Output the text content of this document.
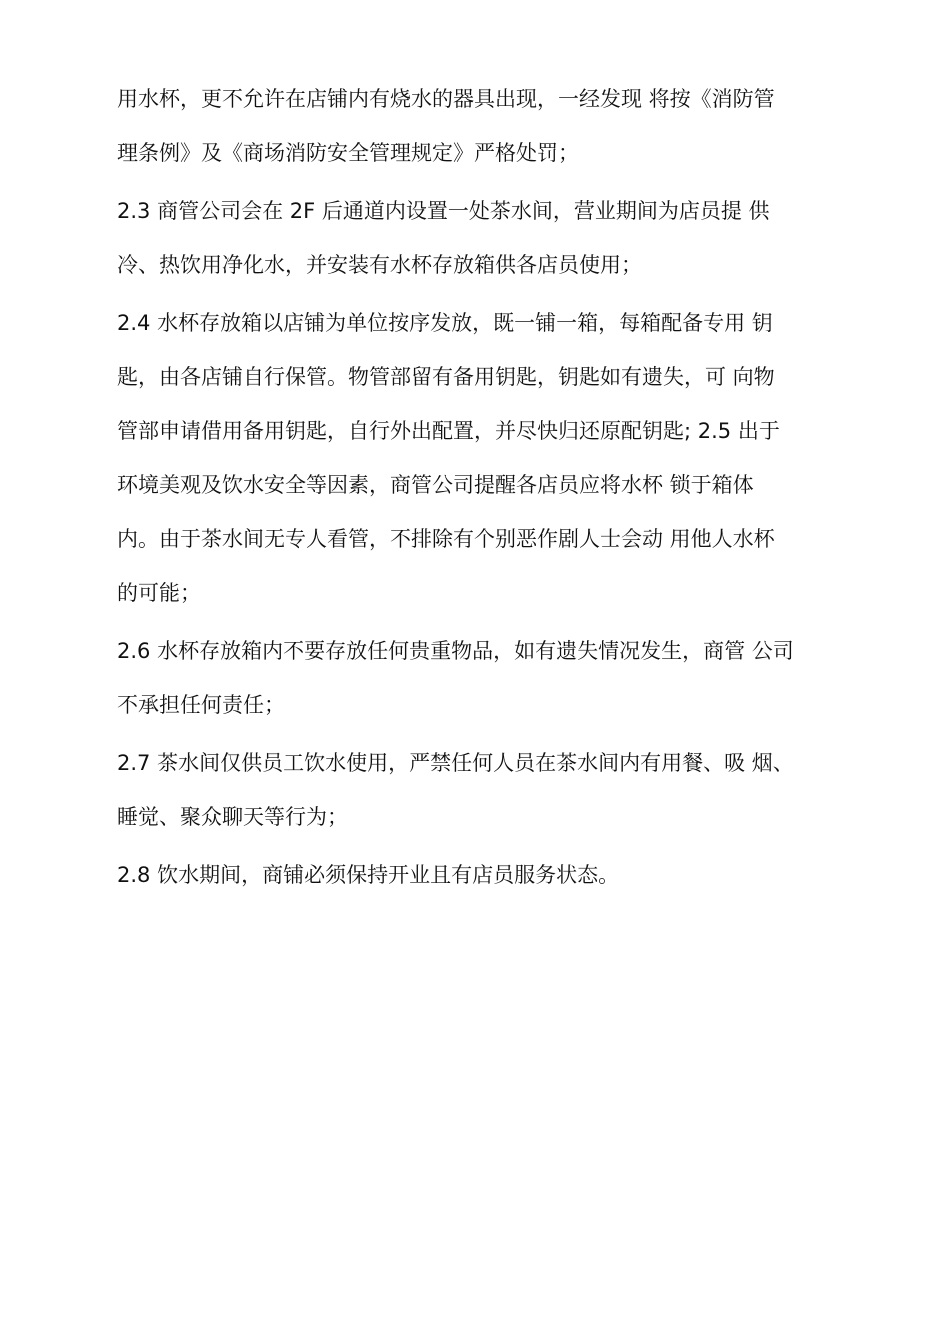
用水杯，更不允许在店铺内有烧水的器具出现，一经发现 将按《消防管
理条例》及《商场消防安全管理规定》严格处罚；
2.3 商管公司会在 2F 后通道内设置一处茶水间，营业期间为店员提 供
冷、热饮用净化水，并安装有水杯存放箱供各店员使用；
2.4 水杯存放箱以店铺为单位按序发放，既一铺一箱，每箱配备专用 钥
匙，由各店铺自行保管。物管部留有备用钥匙，钥匙如有遗失，可 向物
管部申请借用备用钥匙，自行外出配置，并尽快归还原配钥匙; 2.5 出于
环境美观及饮水安全等因素，商管公司提醒各店员应将水杯 锁于箱体
内。由于茶水间无专人看管，不排除有个别恶作剧人士会动 用他人水杯
的可能；
2.6 水杯存放箱内不要存放任何贵重物品，如有遗失情况发生，商管 公司
不承担任何责任；
2.7 茶水间仅供员工饮水使用，严禁任何人员在茶水间内有用餐、吸 烟、
睡觉、聚众聊天等行为；
2.8 饮水期间，商铺必须保持开业且有店员服务状态。
